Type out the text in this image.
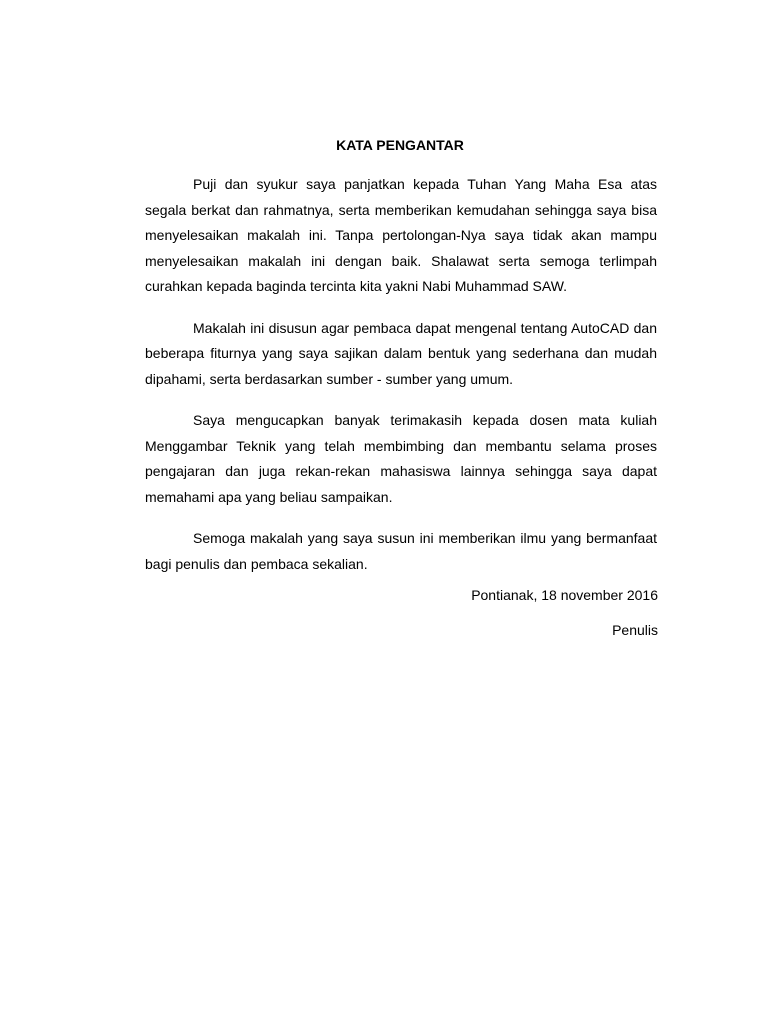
KATA PENGANTAR

Puji dan syukur saya panjatkan kepada Tuhan Yang Maha Esa atas segala berkat dan rahmatnya, serta memberikan kemudahan sehingga saya bisa menyelesaikan makalah ini. Tanpa pertolongan-Nya saya tidak akan mampu menyelesaikan makalah ini dengan baik. Shalawat serta semoga terlimpah curahkan kepada baginda tercinta kita yakni Nabi Muhammad SAW.

Makalah ini disusun agar pembaca dapat mengenal tentang AutoCAD dan beberapa fiturnya yang saya sajikan dalam bentuk yang sederhana dan mudah dipahami, serta berdasarkan sumber - sumber yang umum.

Saya mengucapkan banyak terimakasih kepada dosen mata kuliah Menggambar Teknik yang telah membimbing dan membantu selama proses pengajaran dan juga rekan-rekan mahasiswa lainnya sehingga saya dapat memahami apa yang beliau sampaikan.

Semoga makalah yang saya susun ini memberikan ilmu yang bermanfaat bagi penulis dan pembaca sekalian.

Pontianak, 18 november 2016
Penulis
